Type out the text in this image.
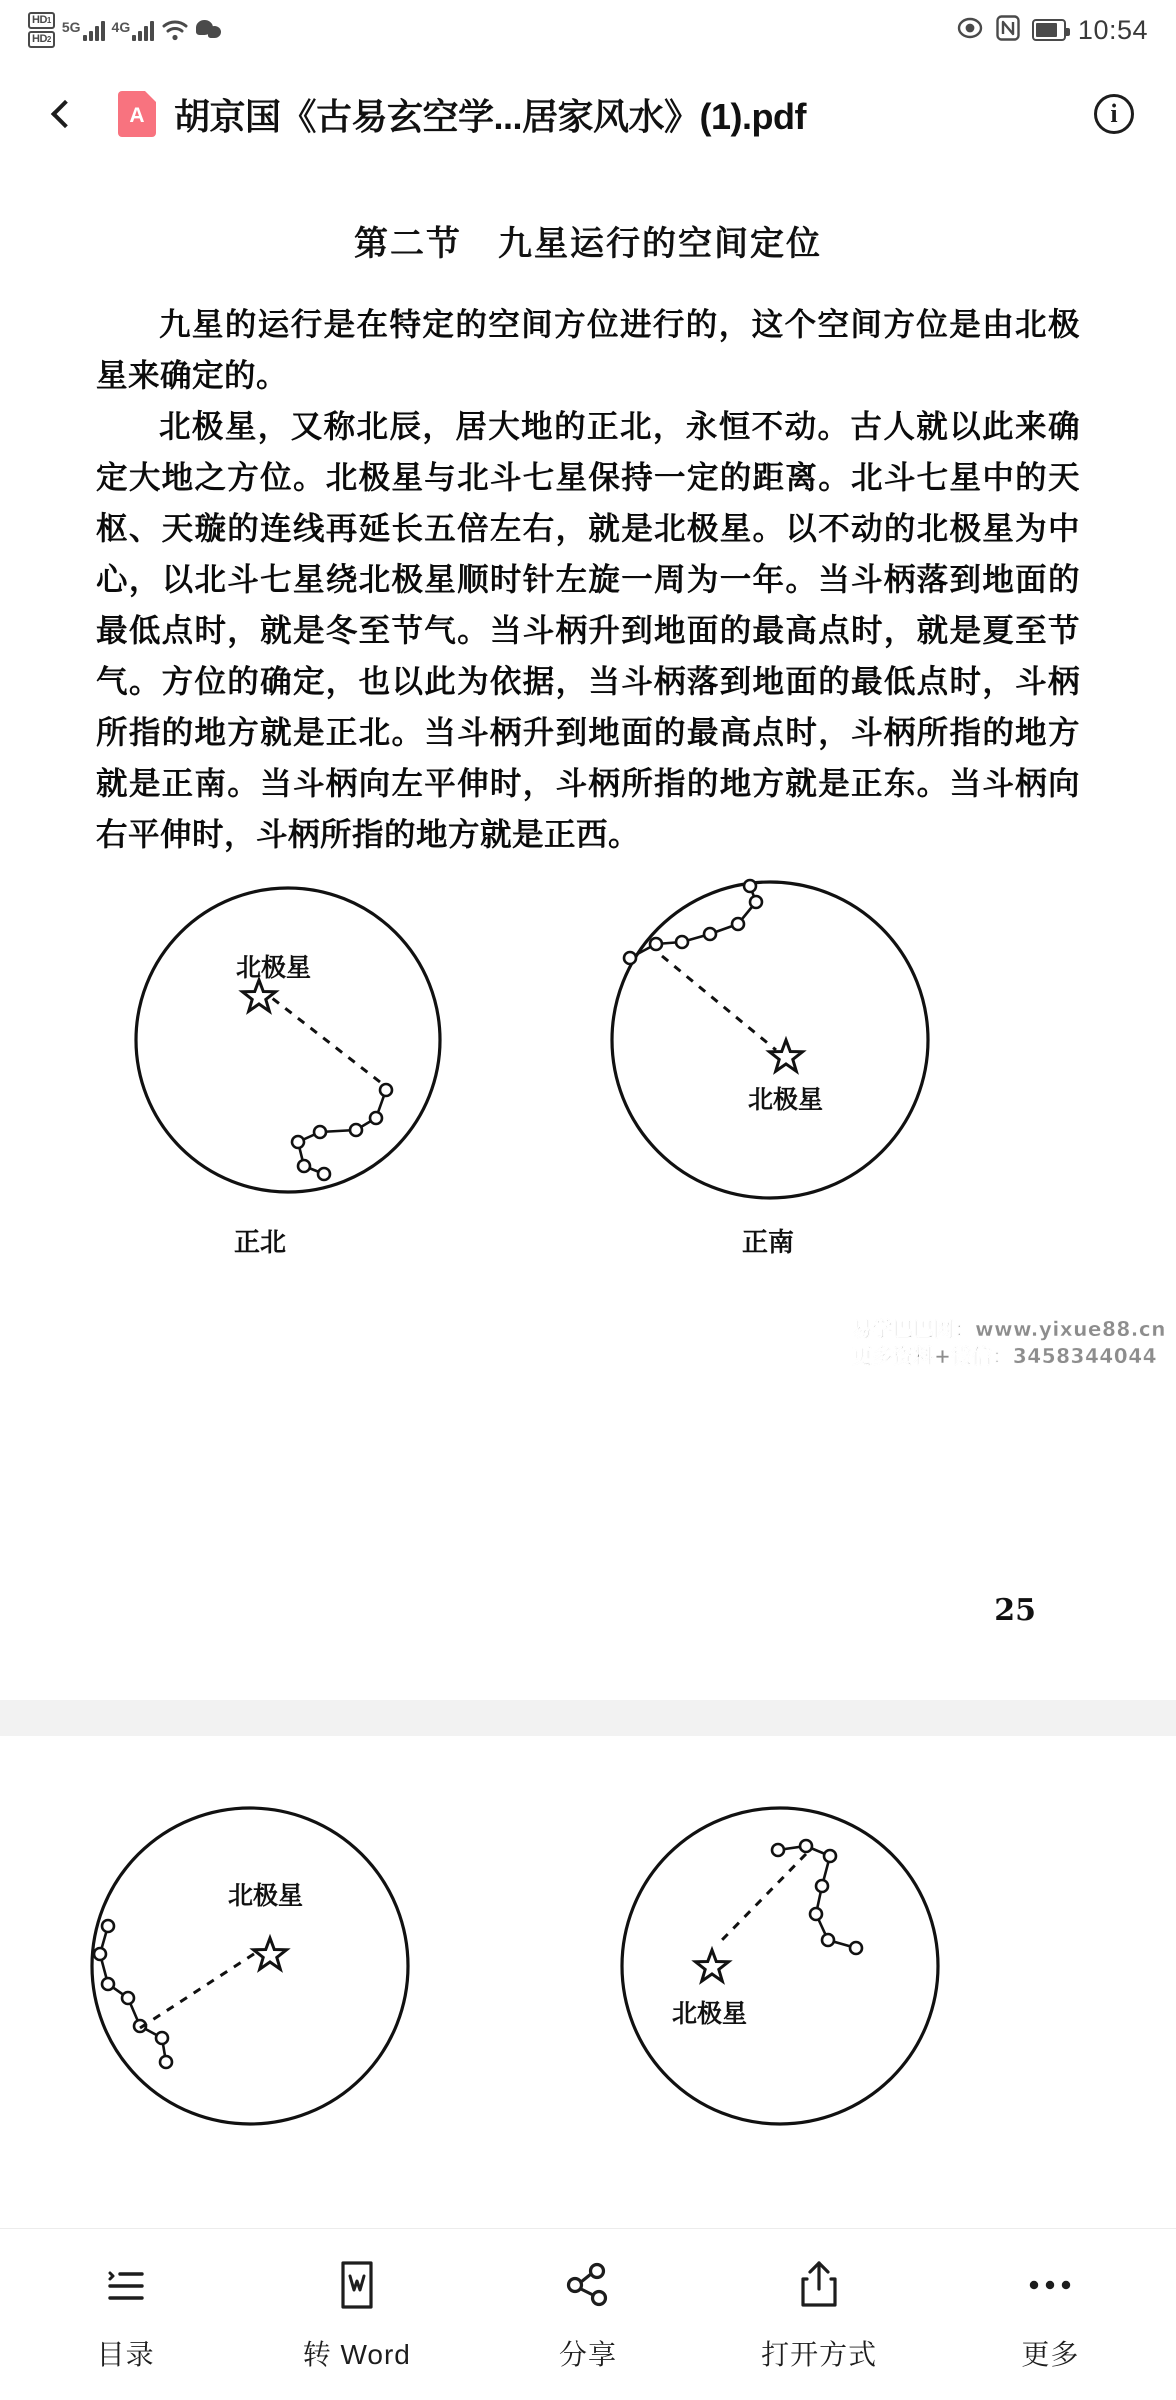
HD 1
HD 2
5G 4G	10:54
A 胡京国《古易玄空学...居家风水》(1).pdf	i
第二节　九星运行的空间定位

九星的运行是在特定的空间方位进行的，这个空间方位是由北极星来确定的。

北极星，又称北辰，居大地的正北，永恒不动。古人就以此来确定大地之方位。北极星与北斗七星保持一定的距离。北斗七星中的天枢、天璇的连线再延长五倍左右，就是北极星。以不动的北极星为中心，以北斗七星绕北极星顺时针左旋一周为一年。当斗柄落到地面的最低点时，就是冬至节气。当斗柄升到地面的最高点时，就是夏至节气。方位的确定，也以此为依据，当斗柄落到地面的最低点时，斗柄所指的地方就是正北。当斗柄升到地面的最高点时，斗柄所指的地方就是正南。当斗柄向左平伸时，斗柄所指的地方就是正东。当斗柄向右平伸时，斗柄所指的地方就是正西。

北极星
正北
北极星
正南
易学巴巴网：www.yixue88.cn
更多资料+微信：3458344044
25
北极星
北极星
目录	转 Word	分享	打开方式	更多
